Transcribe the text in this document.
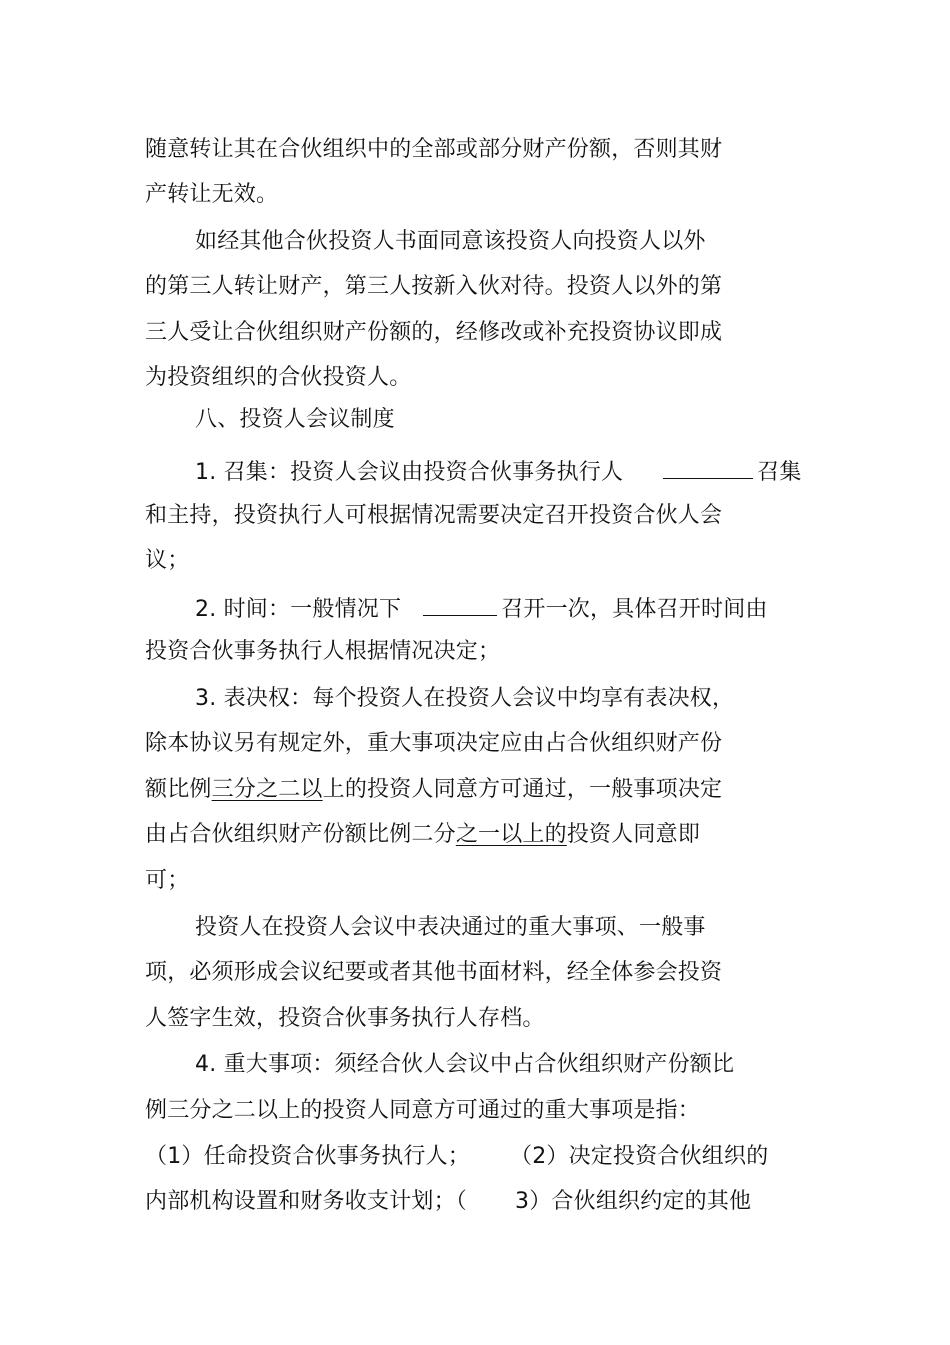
随意转让其在合伙组织中的全部或部分财产份额，否则其财
产转让无效。
如经其他合伙投资人书面同意该投资人向投资人以外
的第三人转让财产，第三人按新入伙对待。投资人以外的第
三人受让合伙组织财产份额的，经修改或补充投资协议即成
为投资组织的合伙投资人。
八、投资人会议制度
1. 召集：投资人会议由投资合伙事务执行人	召集
和主持，投资执行人可根据情况需要决定召开投资合伙人会
议；
2. 时间：一般情况下	召开一次，具体召开时间由
投资合伙事务执行人根据情况决定；
3. 表决权：每个投资人在投资人会议中均享有表决权，
除本协议另有规定外，重大事项决定应由占合伙组织财产份
额比例三分之二以上的投资人同意方可通过，一般事项决定
由占合伙组织财产份额比例二分之一以上的投资人同意即
可；
投资人在投资人会议中表决通过的重大事项、一般事
项，必须形成会议纪要或者其他书面材料，经全体参会投资
人签字生效，投资合伙事务执行人存档。
4. 重大事项：须经合伙人会议中占合伙组织财产份额比
例三分之二以上的投资人同意方可通过的重大事项是指：
（1）任命投资合伙事务执行人； （2）决定投资合伙组织的
内部机构设置和财务收支计划；（ 3）合伙组织约定的其他
